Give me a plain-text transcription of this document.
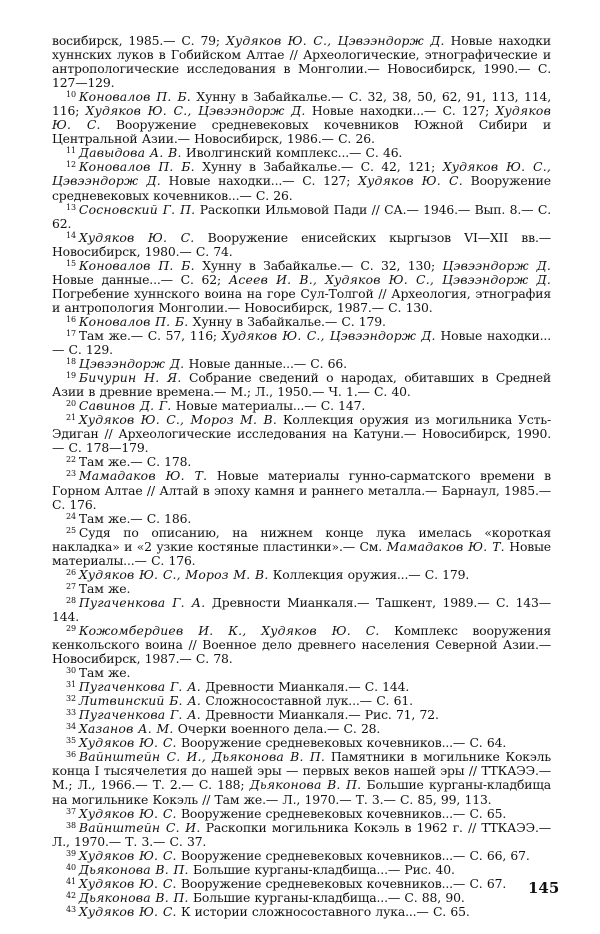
восибирск, 1985.— С. 79; Худяков Ю. С., Цэвээндорж Д. Новые находки хуннских луков в Гобийском Алтае // Археологические, этнографические и антропологические исследования в Монголии.— Новосибирск, 1990.— С. 127—129.

$^{10}$ Коновалов П. Б. Хунну в Забайкалье.— С. 32, 38, 50, 62, 91, 113, 114, 116; Худяков Ю. С., Цэвээндорж Д. Новые находки...— С. 127; Худяков Ю. С. Вооружение средневековых кочевников Южной Сибири и Центральной Азии.— Новосибирск, 1986.— С. 26.

$^{11}$ Давыдова А. В. Иволгинский комплекс...— С. 46.

$^{12}$ Коновалов П. Б. Хунну в Забайкалье.— С. 42, 121; Худяков Ю. С., Цэвээндорж Д. Новые находки...— С. 127; Худяков Ю. С. Вооружение средневековых кочевников...— С. 26.

$^{13}$ Сосновский Г. П. Раскопки Ильмовой Пади // СА.— 1946.— Вып. 8.— С. 62.

$^{14}$ Худяков Ю. С. Вооружение енисейских кыргызов VI—XII вв.— Новосибирск, 1980.— С. 74.

$^{15}$ Коновалов П. Б. Хунну в Забайкалье.— С. 32, 130; Цэвээндорж Д. Новые данные...— С. 62; Асеев И. В., Худяков Ю. С., Цэвээндорж Д. Погребение хуннского воина на горе Сул-Толгой // Археология, этнография и антропология Монголии.— Новосибирск, 1987.— С. 130.

$^{16}$ Коновалов П. Б. Хунну в Забайкалье.— С. 179.

$^{17}$ Там же.— С. 57, 116; Худяков Ю. С., Цэвээндорж Д. Новые находки...— С. 129.

$^{18}$ Цэвээндорж Д. Новые данные...— С. 66.

$^{19}$ Бичурин Н. Я. Собрание сведений о народах, обитавших в Средней Азии в древние времена.— М.; Л., 1950.— Ч. 1.— С. 40.

$^{20}$ Савинов Д. Г. Новые материалы...— С. 147.

$^{21}$ Худяков Ю. С., Мороз М. В. Коллекция оружия из могильника Усть-Эдиган // Археологические исследования на Катуни.— Новосибирск, 1990.— С. 178—179.

$^{22}$ Там же.— С. 178.

$^{23}$ Мамадаков Ю. Т. Новые материалы гунно-сарматского времени в Горном Алтае // Алтай в эпоху камня и раннего металла.— Барнаул, 1985.— С. 176.

$^{24}$ Там же.— С. 186.

$^{25}$ Судя по описанию, на нижнем конце лука имелась «короткая накладка» и «2 узкие костяные пластинки».— См. Мамадаков Ю. Т. Новые материалы...— С. 176.

$^{26}$ Худяков Ю. С., Мороз М. В. Коллекция оружия...— С. 179.

$^{27}$ Там же.

$^{28}$ Пугаченкова Г. А. Древности Мианкаля.— Ташкент, 1989.— С. 143—144.

$^{29}$ Кожомбердиев И. К., Худяков Ю. С. Комплекс вооружения кенкольского воина // Военное дело древнего населения Северной Азии.— Новосибирск, 1987.— С. 78.

$^{30}$ Там же.

$^{31}$ Пугаченкова Г. А. Древности Мианкаля.— С. 144.

$^{32}$ Литвинский Б. А. Сложносоставной лук...— С. 61.

$^{33}$ Пугаченкова Г. А. Древности Мианкаля.— Рис. 71, 72.

$^{34}$ Хазанов А. М. Очерки военного дела.— С. 28.

$^{35}$ Худяков Ю. С. Вооружение средневековых кочевников...— С. 64.

$^{36}$ Вайнштейн С. И., Дьяконова В. П. Памятники в могильнике Кокэль конца I тысячелетия до нашей эры — первых веков нашей эры // ТТКАЭЭ.— М.; Л., 1966.— Т. 2.— С. 188; Дьяконова В. П. Большие курганы-кладбища на могильнике Кокэль // Там же.— Л., 1970.— Т. 3.— С. 85, 99, 113.

$^{37}$ Худяков Ю. С. Вооружение средневековых кочевников...— С. 65.

$^{38}$ Вайнштейн С. И. Раскопки могильника Кокэль в 1962 г. // ТТКАЭЭ.— Л., 1970.— Т. 3.— С. 37.

$^{39}$ Худяков Ю. С. Вооружение средневековых кочевников...— С. 66, 67.

$^{40}$ Дьяконова В. П. Большие курганы-кладбища...— Рис. 40.

$^{41}$ Худяков Ю. С. Вооружение средневековых кочевников...— С. 67.

$^{42}$ Дьяконова В. П. Большие курганы-кладбища...— С. 88, 90.

$^{43}$ Худяков Ю. С. К истории сложносоставного лука...— С. 65.

145
